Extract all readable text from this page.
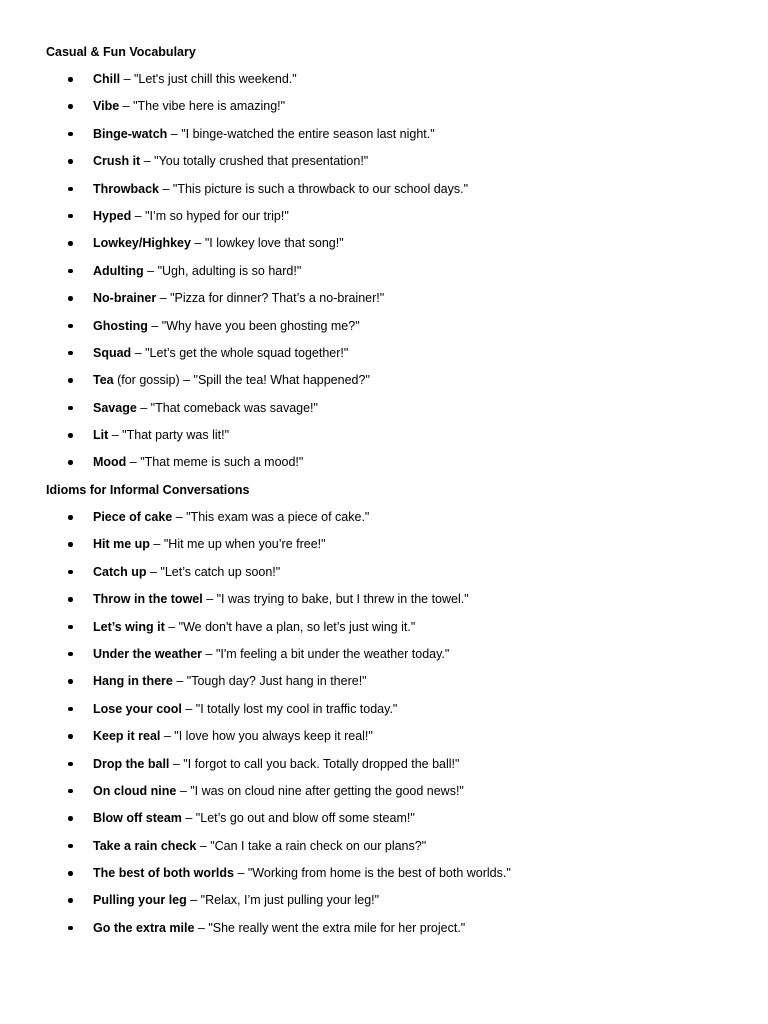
Casual & Fun Vocabulary
Chill – "Let's just chill this weekend."
Vibe – "The vibe here is amazing!"
Binge-watch – "I binge-watched the entire season last night."
Crush it – "You totally crushed that presentation!"
Throwback – "This picture is such a throwback to our school days."
Hyped – "I’m so hyped for our trip!"
Lowkey/Highkey – "I lowkey love that song!"
Adulting – "Ugh, adulting is so hard!"
No-brainer – "Pizza for dinner? That’s a no-brainer!"
Ghosting – "Why have you been ghosting me?"
Squad – "Let’s get the whole squad together!"
Tea (for gossip) – "Spill the tea! What happened?"
Savage – "That comeback was savage!"
Lit – "That party was lit!"
Mood – "That meme is such a mood!"
Idioms for Informal Conversations
Piece of cake – "This exam was a piece of cake."
Hit me up – "Hit me up when you’re free!"
Catch up – "Let’s catch up soon!"
Throw in the towel – "I was trying to bake, but I threw in the towel."
Let’s wing it – "We don't have a plan, so let’s just wing it."
Under the weather – "I'm feeling a bit under the weather today."
Hang in there – "Tough day? Just hang in there!"
Lose your cool – "I totally lost my cool in traffic today."
Keep it real – "I love how you always keep it real!"
Drop the ball – "I forgot to call you back. Totally dropped the ball!"
On cloud nine – "I was on cloud nine after getting the good news!"
Blow off steam – "Let’s go out and blow off some steam!"
Take a rain check – "Can I take a rain check on our plans?"
The best of both worlds – "Working from home is the best of both worlds."
Pulling your leg – "Relax, I’m just pulling your leg!"
Go the extra mile – "She really went the extra mile for her project."
